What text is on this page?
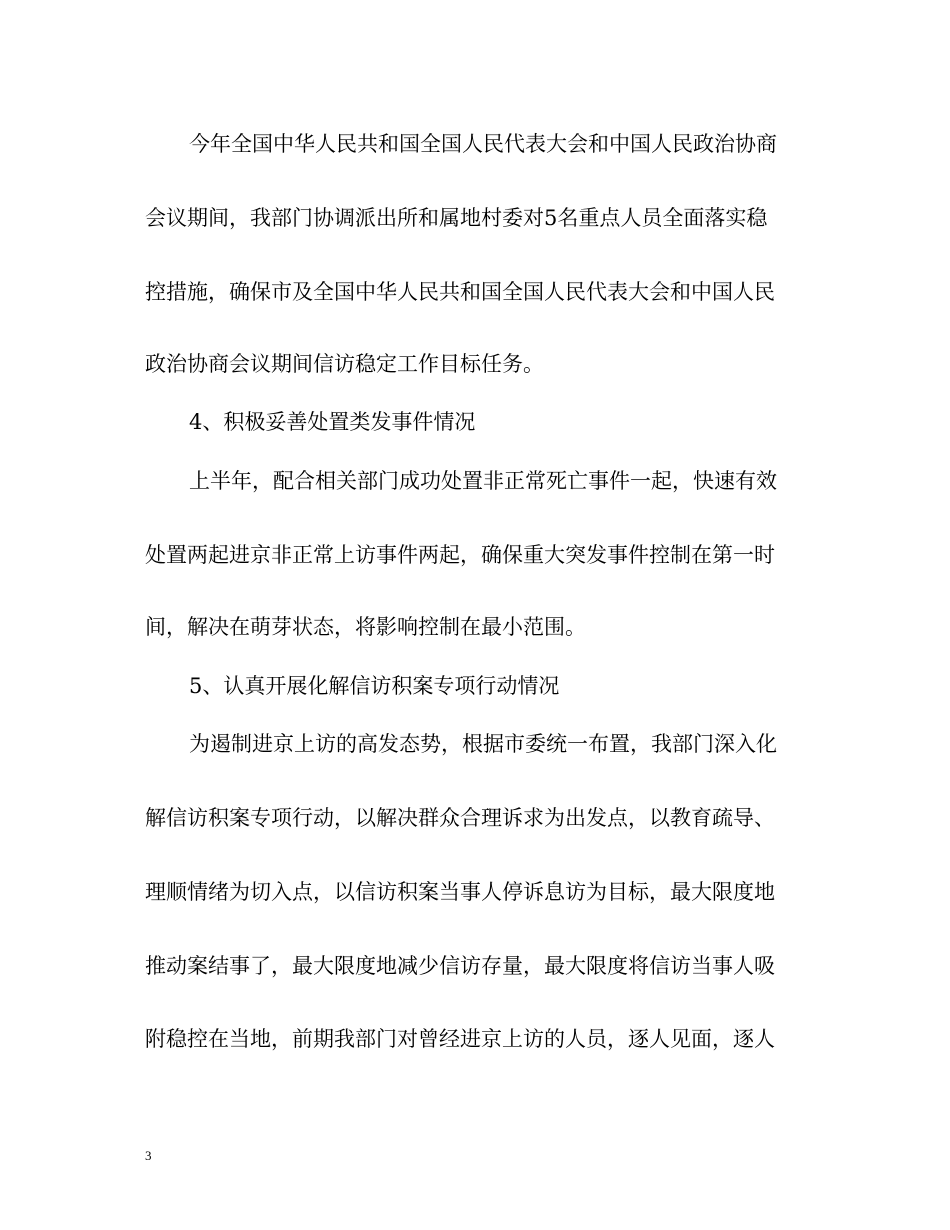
今年全国中华人民共和国全国人民代表大会和中国人民政治协商
会议期间，我部门协调派出所和属地村委对5名重点人员全面落实稳
控措施，确保市及全国中华人民共和国全国人民代表大会和中国人民
政治协商会议期间信访稳定工作目标任务。
4、积极妥善处置类发事件情况
上半年，配合相关部门成功处置非正常死亡事件一起，快速有效
处置两起进京非正常上访事件两起，确保重大突发事件控制在第一时
间，解决在萌芽状态，将影响控制在最小范围。
5、认真开展化解信访积案专项行动情况
为遏制进京上访的高发态势，根据市委统一布置，我部门深入化
解信访积案专项行动，以解决群众合理诉求为出发点，以教育疏导、
理顺情绪为切入点，以信访积案当事人停诉息访为目标，最大限度地
推动案结事了，最大限度地减少信访存量，最大限度将信访当事人吸
附稳控在当地，前期我部门对曾经进京上访的人员，逐人见面，逐人
3
